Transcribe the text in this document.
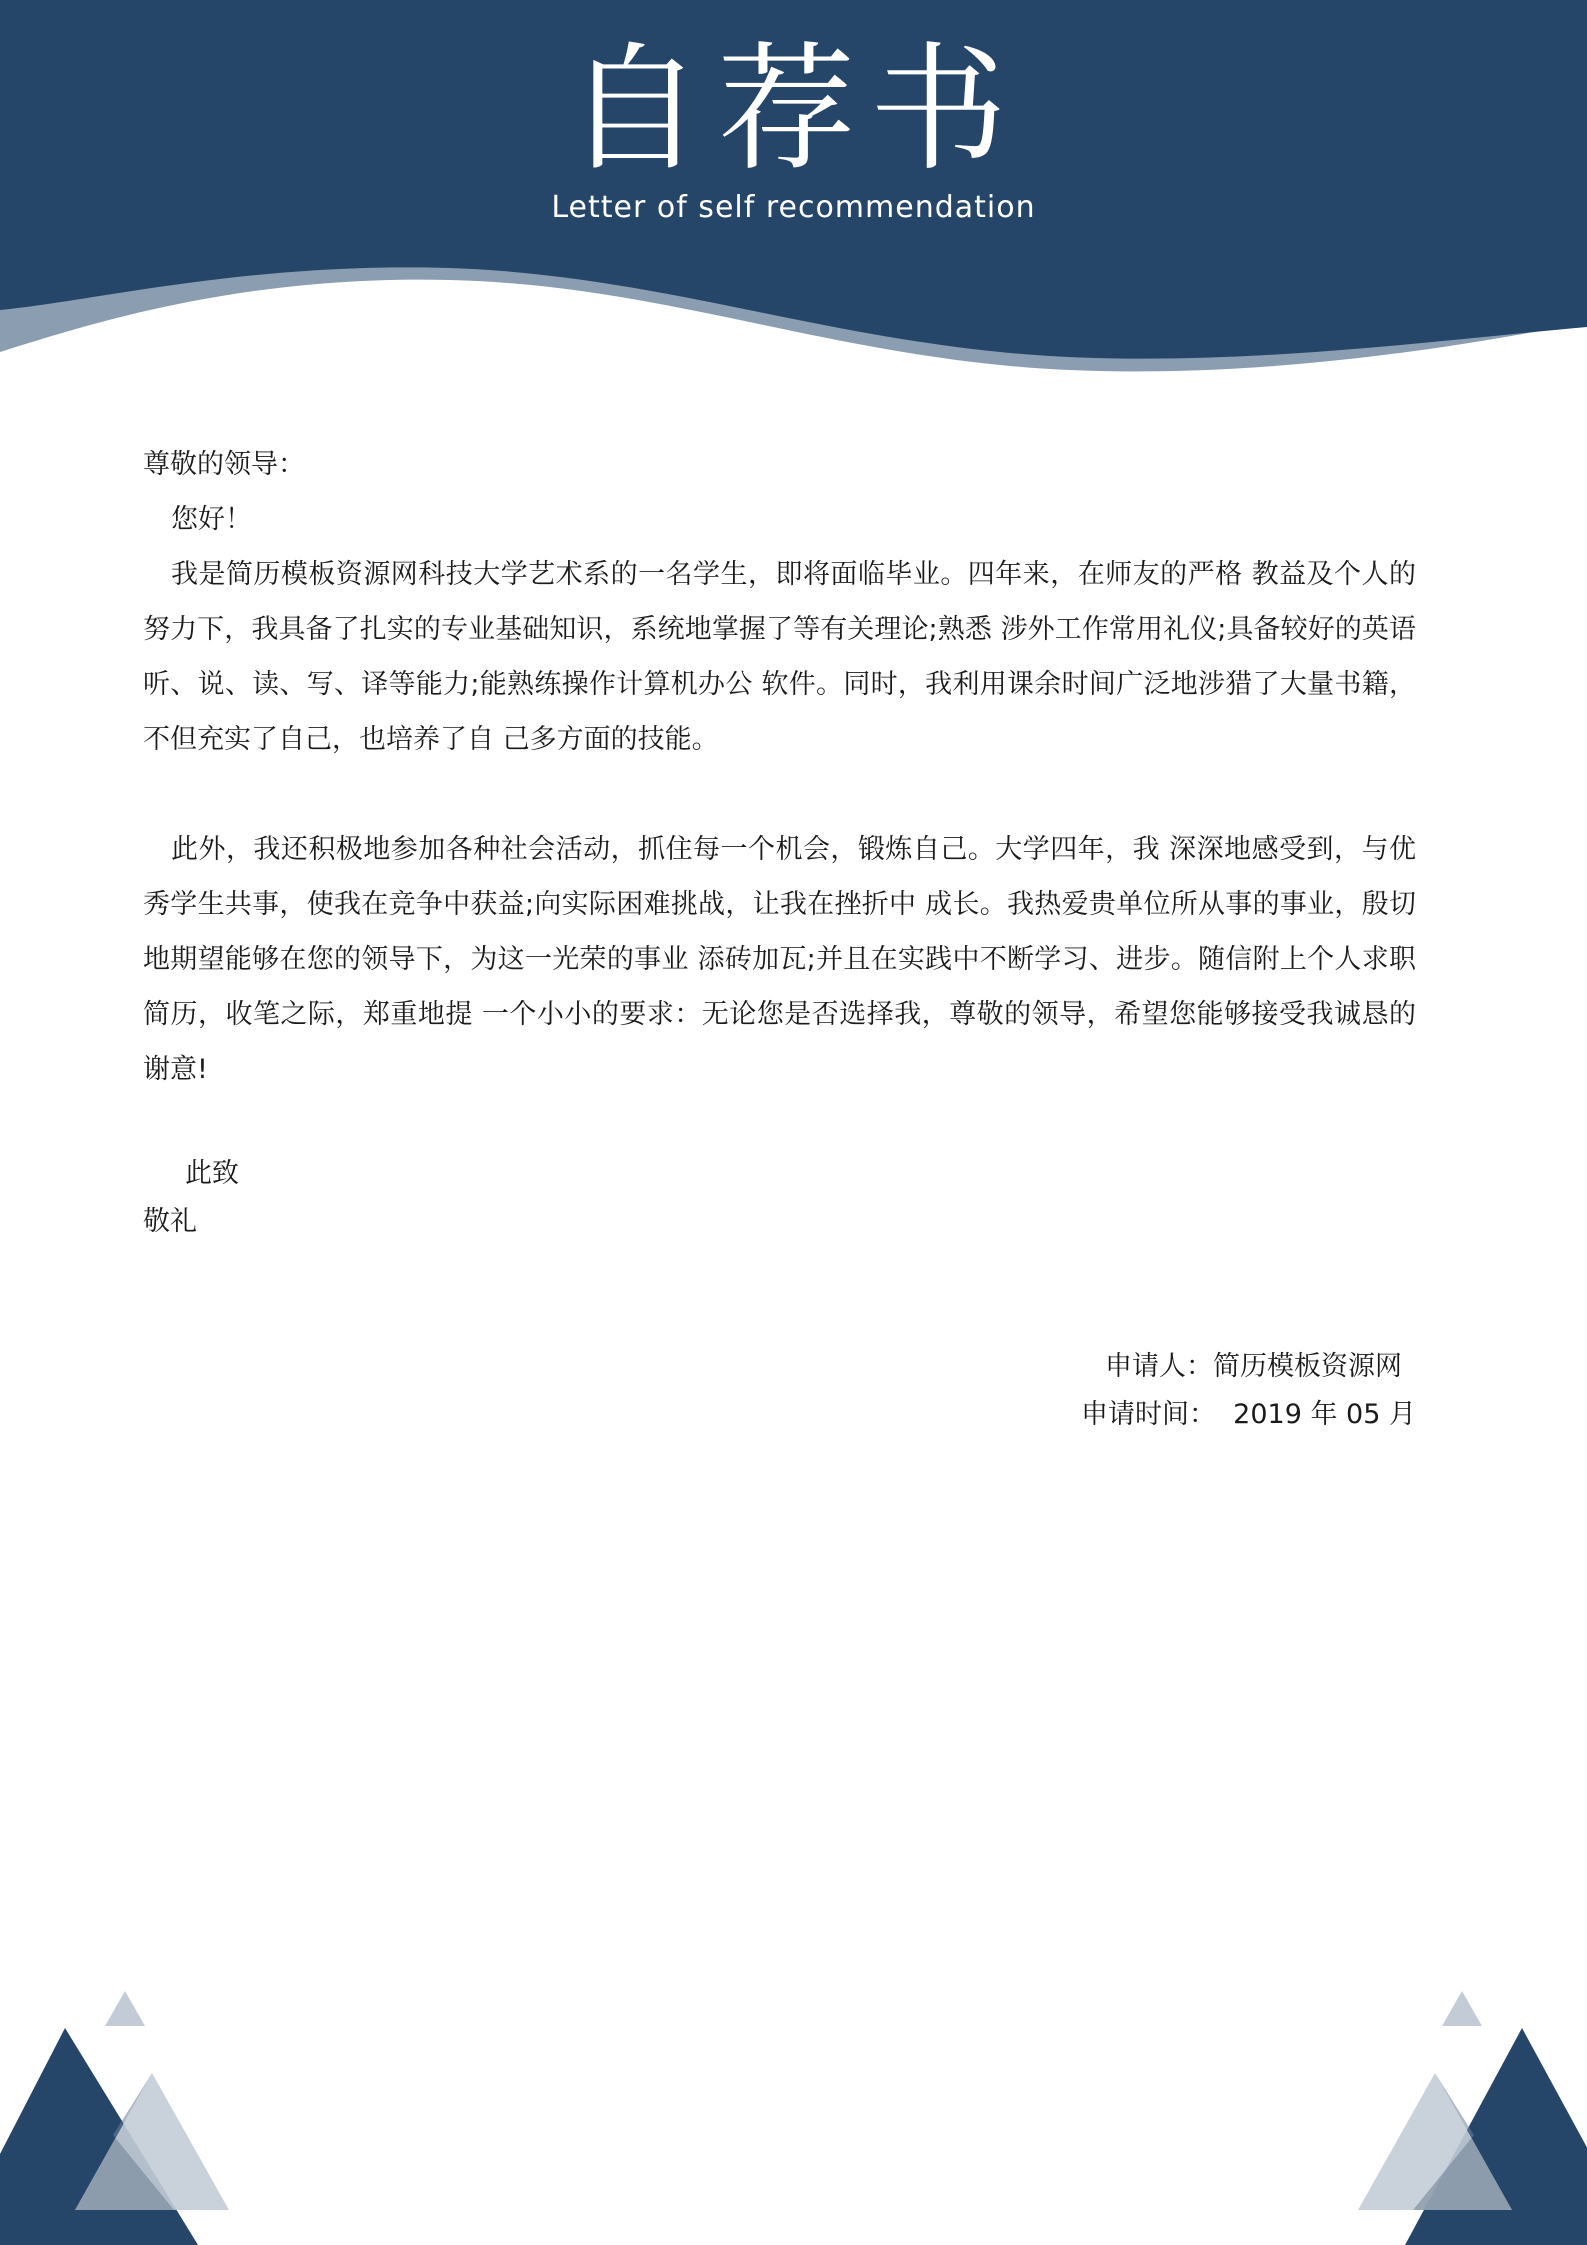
自荐书
Letter of self recommendation

尊敬的领导：

您好！

我是简历模板资源网科技大学艺术系的一名学生，即将面临毕业。四年来，在师友的严格 教益及个人的努力下，我具备了扎实的专业基础知识，系统地掌握了等有关理论;熟悉 涉外工作常用礼仪;具备较好的英语听、说、读、写、译等能力;能熟练操作计算机办公 软件。同时，我利用课余时间广泛地涉猎了大量书籍，不但充实了自己，也培养了自 己多方面的技能。

此外，我还积极地参加各种社会活动，抓住每一个机会，锻炼自己。大学四年，我 深深地感受到，与优秀学生共事，使我在竞争中获益;向实际困难挑战，让我在挫折中 成长。我热爱贵单位所从事的事业，殷切地期望能够在您的领导下，为这一光荣的事业 添砖加瓦;并且在实践中不断学习、进步。随信附上个人求职简历，收笔之际，郑重地提 一个小小的要求：无论您是否选择我，尊敬的领导，希望您能够接受我诚恳的谢意!

此致
敬礼
申请人：简历模板资源网
申请时间：  2019 年 05 月
